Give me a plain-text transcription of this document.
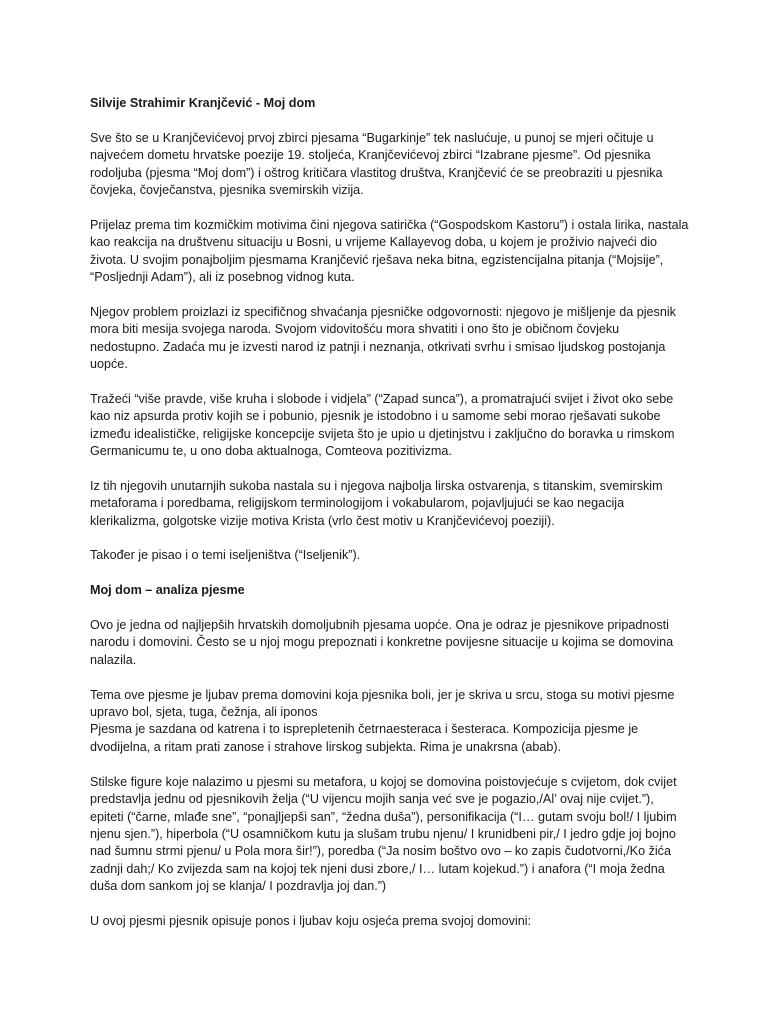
Silvije Strahimir Kranjčević - Moj dom

Sve što se u Kranjčevićevoj prvoj zbirci pjesama “Bugarkinje” tek naslućuje, u punoj se mjeri očituje u najvećem dometu hrvatske poezije 19. stoljeća, Kranjčevićevoj zbirci “Izabrane pjesme”. Od pjesnika rodoljuba (pjesma “Moj dom”) i oštrog kritičara vlastitog društva, Kranjčević će se preobraziti u pjesnika čovjeka, čovječanstva, pjesnika svemirskih vizija.

Prijelaz prema tim kozmičkim motivima čini njegova satirička (“Gospodskom Kastoru”) i ostala lirika, nastala kao reakcija na društvenu situaciju u Bosni, u vrijeme Kallayevog doba, u kojem je proživio najveći dio života. U svojim ponajboljim pjesmama Kranjčević rješava neka bitna, egzistencijalna pitanja (“Mojsije”, “Posljednji Adam”), ali iz posebnog vidnog kuta.

Njegov problem proizlazi iz specifičnog shvaćanja pjesničke odgovornosti: njegovo je mišljenje da pjesnik mora biti mesija svojega naroda. Svojom vidovitošću mora shvatiti i ono što je običnom čovjeku nedostupno. Zadaća mu je izvesti narod iz patnji i neznanja, otkrivati svrhu i smisao ljudskog postojanja uopće.

Tražeći “više pravde, više kruha i slobode i vidjela” (“Zapad sunca”), a promatrajući svijet i život oko sebe kao niz apsurda protiv kojih se i pobunio, pjesnik je istodobno i u samome sebi morao rješavati sukobe između idealističke, religijske koncepcije svijeta što je upio u djetinjstvu i zaključno do boravka u rimskom Germanicumu te, u ono doba aktualnoga, Comteova pozitivizma.

Iz tih njegovih unutarnjih sukoba nastala su i njegova najbolja lirska ostvarenja, s titanskim, svemirskim metaforama i poredbama, religijskom terminologijom i vokabularom, pojavljujući se kao negacija klerikalizma, golgotske vizije motiva Krista (vrlo čest motiv u Kranjčevićevoj poeziji).

Također je pisao i o temi iseljeništva (“Iseljenik”).

Moj dom – analiza pjesme

Ovo je jedna od najljepših hrvatskih domoljubnih pjesama uopće. Ona je odraz je pjesnikove pripadnosti narodu i domovini. Često se u njoj mogu prepoznati i konkretne povijesne situacije u kojima se domovina nalazila.

Tema ove pjesme je ljubav prema domovini koja pjesnika boli, jer je skriva u srcu, stoga su motivi pjesme upravo bol, sjeta, tuga, čežnja, ali iponos

Pjesma je sazdana od katrena i to isprepletenih četrnaesteraca i šesteraca. Kompozicija pjesme je dvodijelna, a ritam prati zanose i strahove lirskog subjekta. Rima je unakrsna (abab).

Stilske figure koje nalazimo u pjesmi su metafora, u kojoj se domovina poistovjećuje s cvijetom, dok cvijet predstavlja jednu od pjesnikovih želja (“U vijencu mojih sanja već sve je pogazio,/Al’ ovaj nije cvijet.”), epiteti (“čarne, mlađe sne”, “ponajljepši san”, “žedna duša”), personifikacija (“I… gutam svoju bol!/ I ljubim njenu sjen.”), hiperbola (“U osamničkom kutu ja slušam trubu njenu/ I krunidbeni pir,/ I jedro gdje joj bojno nad šumnu strmi pjenu/ u Pola mora šir!”), poredba (“Ja nosim boštvo ovo – ko zapis čudotvorni,/Ko žića zadnji dah;/ Ko zvijezda sam na kojoj tek njeni dusi zbore,/ I… lutam kojekud.”) i anafora (“I moja žedna duša dom sankom joj se klanja/ I pozdravlja joj dan.”)

U ovoj pjesmi pjesnik opisuje ponos i ljubav koju osjeća prema svojoj domovini:
